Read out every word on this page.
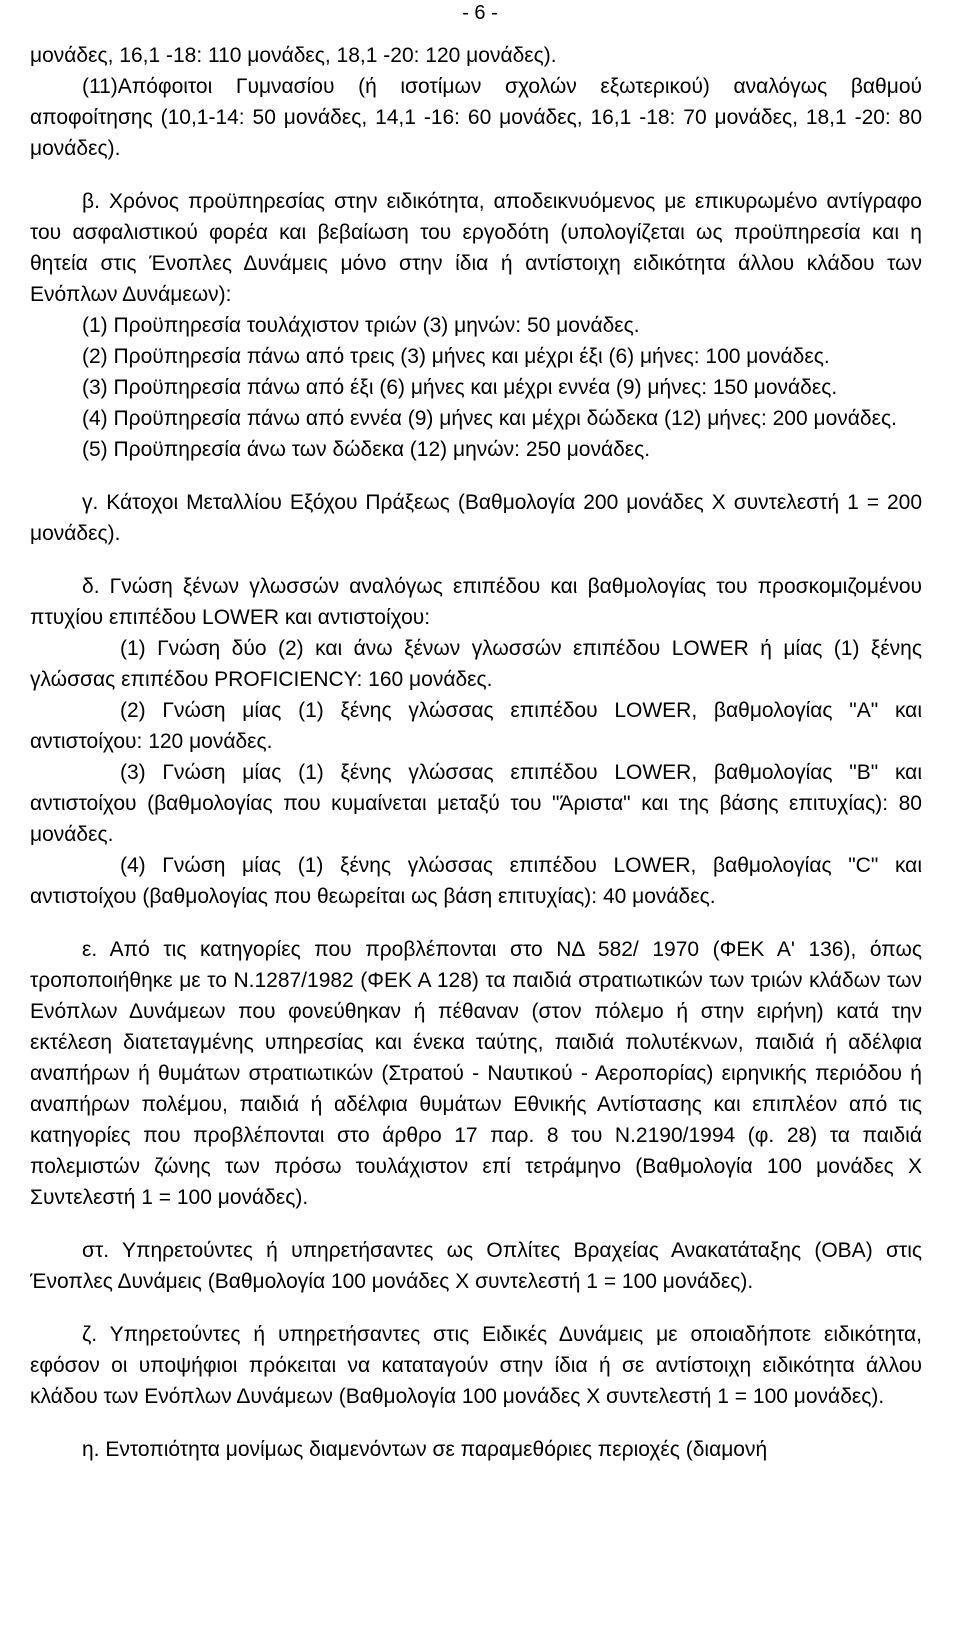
- 6 -

μονάδες, 16,1 -18: 110 μονάδες, 18,1 -20: 120 μονάδες).

(11)Απόφοιτοι Γυμνασίου (ή ισοτίμων σχολών εξωτερικού) αναλόγως βαθμού αποφοίτησης (10,1-14: 50 μονάδες, 14,1 -16: 60 μονάδες, 16,1 -18: 70 μονάδες, 18,1 -20: 80 μονάδες).

β. Χρόνος προϋπηρεσίας στην ειδικότητα, αποδεικνυόμενος με επικυρωμένο αντίγραφο του ασφαλιστικού φορέα και βεβαίωση του εργοδότη (υπολογίζεται ως προϋπηρεσία και η θητεία στις Ένοπλες Δυνάμεις μόνο στην ίδια ή αντίστοιχη ειδικότητα άλλου κλάδου των Ενόπλων Δυνάμεων):

(1) Προϋπηρεσία τουλάχιστον τριών (3) μηνών: 50 μονάδες.

(2) Προϋπηρεσία πάνω από τρεις (3) μήνες και μέχρι έξι (6) μήνες: 100 μονάδες.

(3) Προϋπηρεσία πάνω από έξι (6) μήνες και μέχρι εννέα (9) μήνες: 150 μονάδες.

(4) Προϋπηρεσία πάνω από εννέα (9) μήνες και μέχρι δώδεκα (12) μήνες: 200 μονάδες.

(5) Προϋπηρεσία άνω των δώδεκα (12) μηνών: 250 μονάδες.

γ. Κάτοχοι Μεταλλίου Εξόχου Πράξεως (Βαθμολογία 200 μονάδες Χ συντελεστή 1 = 200 μονάδες).

δ. Γνώση ξένων γλωσσών αναλόγως επιπέδου και βαθμολογίας του προσκομιζομένου πτυχίου επιπέδου LOWER και αντιστοίχου:

(1) Γνώση δύο (2) και άνω ξένων γλωσσών επιπέδου LOWER ή μίας (1) ξένης γλώσσας επιπέδου PROFICIENCY: 160 μονάδες.

(2) Γνώση μίας (1) ξένης γλώσσας επιπέδου LOWER, βαθμολογίας "A" και αντιστοίχου: 120 μονάδες.

(3) Γνώση μίας (1) ξένης γλώσσας επιπέδου LOWER, βαθμολογίας "B" και αντιστοίχου (βαθμολογίας που κυμαίνεται μεταξύ του "Άριστα" και της βάσης επιτυχίας): 80 μονάδες.

(4) Γνώση μίας (1) ξένης γλώσσας επιπέδου LOWER, βαθμολογίας "C" και αντιστοίχου (βαθμολογίας που θεωρείται ως βάση επιτυχίας): 40 μονάδες.

ε. Από τις κατηγορίες που προβλέπονται στο ΝΔ 582/ 1970 (ΦΕΚ Α' 136), όπως τροποποιήθηκε με το Ν.1287/1982 (ΦΕΚ Α 128) τα παιδιά στρατιωτικών των τριών κλάδων των Ενόπλων Δυνάμεων που φονεύθηκαν ή πέθαναν (στον πόλεμο ή στην ειρήνη) κατά την εκτέλεση διατεταγμένης υπηρεσίας και ένεκα ταύτης, παιδιά πολυτέκνων, παιδιά ή αδέλφια αναπήρων ή θυμάτων στρατιωτικών (Στρατού - Ναυτικού - Αεροπορίας) ειρηνικής περιόδου ή αναπήρων πολέμου, παιδιά ή αδέλφια θυμάτων Εθνικής Αντίστασης και επιπλέον από τις κατηγορίες που προβλέπονται στο άρθρο 17 παρ. 8 του Ν.2190/1994 (φ. 28) τα παιδιά πολεμιστών ζώνης των πρόσω τουλάχιστον επί τετράμηνο (Βαθμολογία 100 μονάδες Χ Συντελεστή 1 = 100 μονάδες).

στ. Υπηρετούντες ή υπηρετήσαντες ως Οπλίτες Βραχείας Ανακατάταξης (ΟΒΑ) στις Ένοπλες Δυνάμεις (Βαθμολογία 100 μονάδες Χ συντελεστή 1 = 100 μονάδες).

ζ. Υπηρετούντες ή υπηρετήσαντες στις Ειδικές Δυνάμεις με οποιαδήποτε ειδικότητα, εφόσον οι υποψήφιοι πρόκειται να καταταγούν στην ίδια ή σε αντίστοιχη ειδικότητα άλλου κλάδου των Ενόπλων Δυνάμεων (Βαθμολογία 100 μονάδες Χ συντελεστή 1 = 100 μονάδες).

η. Εντοπιότητα μονίμως διαμενόντων σε παραμεθόριες περιοχές (διαμονή
